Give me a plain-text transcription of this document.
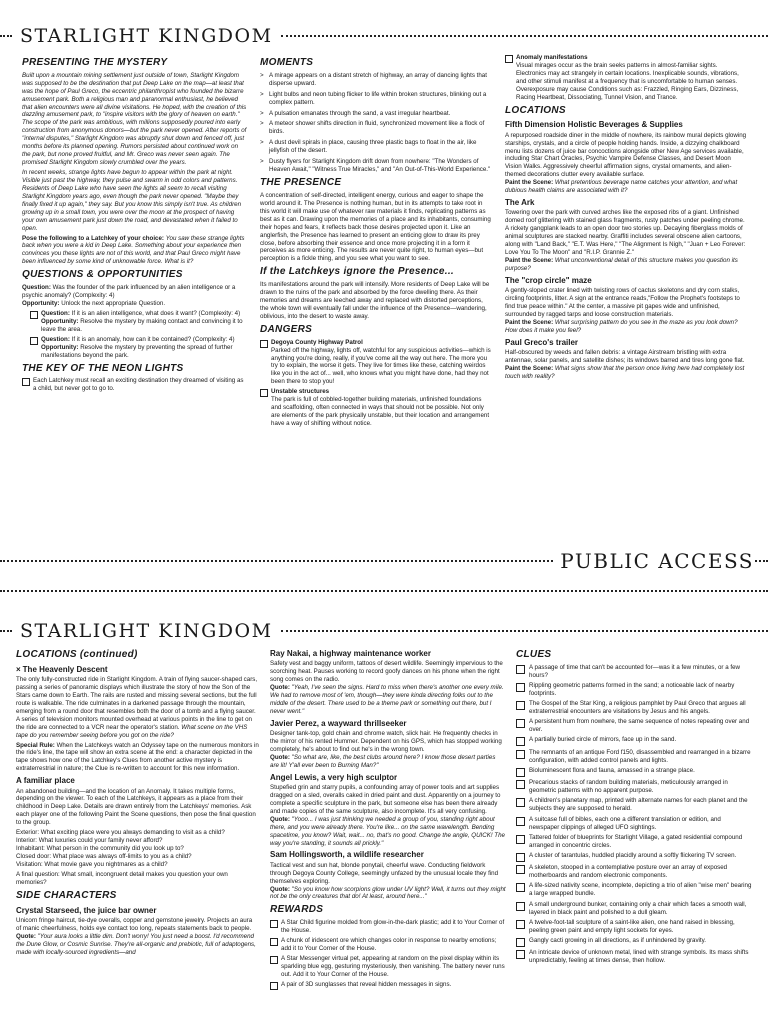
STARLIGHT KINGDOM
PRESENTING THE MYSTERY

Built upon a mountain mining settlement just outside of town, Starlight Kingdom was supposed to be the destination that put Deep Lake on the map—at least that was the hope of Paul Greco, the eccentric philanthropist who founded the bizarre amusement park. Both a religious man and paranormal enthusiast, he believed that alien encounters were all divine visitations. He hoped, with the creation of this dazzling amusement park, to "inspire visitors with the glory of heaven on earth." The scope of the park was ambitious, with millions supposedly poured into early construction from anonymous donors—but the park never opened. After reports of "internal disputes," Starlight Kingdom was abruptly shut down and fenced off, just months before its planned opening. Rumors persisted about continued work on the park, but none proved fruitful, and Mr. Greco was never seen again. The promised Starlight Kingdom slowly crumbled over the years.

In recent weeks, strange lights have begun to appear within the park at night. Visible just past the highway, they pulse and swarm in odd colors and patterns. Residents of Deep Lake who have seen the lights all seem to recall visiting Starlight Kingdom years ago, even though the park never opened. "Maybe they finally fixed it up again," they say. But you know this simply isn't true. As children growing up in a small town, you were over the moon at the prospect of having your own amusement park just down the road, and devastated when it failed to open.

Pose the following to a Latchkey of your choice: You saw these strange lights back when you were a kid in Deep Lake. Something about your experience then convinces you these lights are not of this world, and that Paul Greco might have been influenced by some kind of unknowable force. What is it?

QUESTIONS & OPPORTUNITIES

Question: Was the founder of the park influenced by an alien intelligence or a psychic anomaly? (Complexity: 4)
Opportunity: Unlock the next appropriate Question.

Question: If it is an alien intelligence, what does it want? (Complexity: 4)
Opportunity: Resolve the mystery by making contact and convincing it to leave the area.
Question: If it is an anomaly, how can it be contained? (Complexity: 4)
Opportunity: Resolve the mystery by preventing the spread of further manifestations beyond the park.
THE KEY OF THE NEON LIGHTS
Each Latchkey must recall an exciting destination they dreamed of visiting as a child, but never got to go to.
MOMENTS
> A mirage appears on a distant stretch of highway, an array of dancing lights that disperse upward.
> Light bulbs and neon tubing flicker to life within broken structures, blinking out a complex pattern.
> A pulsation emanates through the sand, a vast irregular heartbeat.
> A meteor shower shifts direction in fluid, synchronized movement like a flock of birds.
> A dust devil spirals in place, causing three plastic bags to float in the air, like jellyfish of the desert.
> Dusty flyers for Starlight Kingdom drift down from nowhere: "The Wonders of Heaven Await," "Witness True Miracles," and "An Out-of-This-World Experience."
THE PRESENCE

A concentration of self-directed, intelligent energy, curious and eager to shape the world around it. The Presence is nothing human, but in its attempts to take root in this world it will make use of whatever raw materials it finds, replicating patterns as best as it can. Drawing upon the memories of a place and its inhabitants, consuming their hopes and fears, it reflects back those desires projected upon it. Like an anglerfish, the Presence has learned to present an enticing glow to draw its prey close, before absorbing their essence and once more projecting it in a form it perceives as more enticing. The results are never quite right, to human eyes—but perception is a fickle thing, and you see what you want to see.

If the Latchkeys ignore the Presence...

Its manifestations around the park will intensify. More residents of Deep Lake will be drawn to the ruins of the park and absorbed by the force dwelling there. As their memories and dreams are leeched away and replaced with distorted perceptions, the whole town will eventually fall under the influence of the Presence—wandering, oblivious, into the desert to waste away.

DANGERS
Degoya County Highway Patrol
Parked off the highway, lights off, watchful for any suspicious activities—which is anything you're doing, really, if you've come all the way out here. The more you try to explain, the worse it gets. They live for times like these, catching weirdos like you in the act of... well, who knows what you might have done, had they not been there to stop you!
Unstable structures
The park is full of cobbled-together building materials, unfinished foundations and scaffolding, often connected in ways that should not be possible. Not only are elements of the park physically unstable, but their location and arrangement have a way of shifting without notice.
Anomaly manifestations
Visual mirages occur as the brain seeks patterns in almost-familiar sights. Electronics may act strangely in certain locations. Inexplicable sounds, vibrations, and other stimuli manifest at a frequency that is uncomfortable to human senses. Overexposure may cause Conditions such as: Frazzled, Ringing Ears, Dizziness, Racing Heartbeat, Dissociating, Tunnel Vision, and Trance.
LOCATIONS
Fifth Dimension Holistic Beverages & Supplies

A repurposed roadside diner in the middle of nowhere, its rainbow mural depicts glowing starships, crystals, and a circle of people holding hands. Inside, a dizzying chalkboard menu lists dozens of juice bar concoctions alongside other New Age services available, including Star Chart Oracles, Psychic Vampire Defense Classes, and Desert Moon Vision Walks. Aggressively cheerful affirmation signs, crystal ornaments, and alien-themed decorations clutter every available surface.
Paint the Scene: What pretentious beverage name catches your attention, and what dubious health claims are associated with it?

The Ark

Towering over the park with curved arches like the exposed ribs of a giant. Unfinished domed roof glittering with stained glass fragments, rusty patches under peeling chrome. A rickety gangplank leads to an open door two stories up. Decaying fiberglass molds of animal sculptures are stacked nearby. Graffiti includes several obscene alien cartoons, along with "Land Back," "E.T. Was Here," "The Alignment Is Nigh," "Juan + Leo Forever: Love You To The Moon" and "R.I.P. Grannie Z."
Paint the Scene: What unconventional detail of this structure makes you question its purpose?

The "crop circle" maze

A gently-sloped crater lined with twisting rows of cactus skeletons and dry corn stalks, circling footprints, litter. A sign at the entrance reads,"Follow the Prophet's footsteps to find true peace within." At the center, a massive pit gapes wide and unfinished, surrounded by ragged tarps and loose construction materials.
Paint the Scene: What surprising pattern do you see in the maze as you look down? How does it make you feel?

Paul Greco's trailer

Half-obscured by weeds and fallen debris: a vintage Airstream bristling with extra antennae, solar panels, and satellite dishes; its windows barred and tires long gone flat.
Paint the Scene: What signs show that the person once living here had completely lost touch with reality?

PUBLIC ACCESS
STARLIGHT KINGDOM
LOCATIONS (continued)
× The Heavenly Descent

The only fully-constructed ride in Starlight Kingdom. A train of flying saucer-shaped cars, passing a series of panoramic displays which illustrate the story of how the Son of the Stars came down to Earth. The rails are rusted and missing several sections, but the full route is walkable. The ride culminates in a darkened passage through the mountain, emerging from a round door that resembles both the door of a tomb and a flying saucer. A series of television monitors mounted overhead at various points in the line to get on the ride are connected to a VCR near the operator's station. What scene on the VHS tape do you remember seeing before you got on the ride?

Special Rule: When the Latchkeys watch an Odyssey tape on the numerous monitors in the ride's line, the tape will show an extra scene at the end: a character depicted in the tape shows how one of the Latchkey's Clues from another active mystery is extraterrestrial in nature; the Clue is re-written to account for this new information.

A familiar place

An abandoned building—and the location of an Anomaly. It takes multiple forms, depending on the viewer. To each of the Latchkeys, it appears as a place from their childhood in Deep Lake. Details are drawn entirely from the Latchkeys' memories. Ask each player one of the following Paint the Scene questions, then pose the final question to the group.

Exterior: What exciting place were you always demanding to visit as a child?
Interior: What luxuries could your family never afford?
Inhabitant: What person in the community did you look up to?
Closed door: What place was always off-limits to you as a child?
Visitation: What movie gave you nightmares as a child?

A final question: What small, incongruent detail makes you question your own memories?

SIDE CHARACTERS
Crystal Starseed, the juice bar owner

Unicorn fringe haircut, tie-dye overalls, copper and gemstone jewelry. Projects an aura of manic cheerfulness, holds eye contact too long, repeats statements back to people.
Quote: "Your aura looks a little dim. Don't worry! You just need a boost. I'd recommend the Dune Glow, or Cosmic Sunrise. They're all-organic and prebiotic, full of adaptogens, made with locally-sourced ingredients—and

Ray Nakai, a highway maintenance worker

Safety vest and baggy uniform, tattoos of desert wildlife. Seemingly impervious to the scorching heat. Pauses working to record goofy dances on his phone when the right song comes on the radio.
Quote: "Yeah, I've seen the signs. Hard to miss when there's another one every mile. We had to remove most of 'em, though—they were kinda directing folks out to the middle of the desert. There used to be a theme park or something out there, but I never went."

Javier Perez, a wayward thrillseeker

Designer tank-top, gold chain and chrome watch, slick hair. He frequently checks in the mirror of his rented Hummer. Dependent on his GPS, which has stopped working completely, he's about to find out he's in the wrong town.
Quote: "So what are, like, the best clubs around here? I know those desert parties are lit! Y'all ever been to Burning Man?"

Angel Lewis, a very high sculptor

Stupefied grin and starry pupils, a confounding array of power tools and art supplies dragged on a sled, overalls caked in dried paint and dust. Apparently on a journey to complete a specific sculpture in the park, but someone else has been there already and made copies of the same sculpture, also incomplete. It's all very confusing.
Quote: "Yooo... I was just thinking we needed a group of you, standing right about there, and you were already there. You're like... on the same wavelength. Bending spacetime, you know? Wait, wait... no, that's no good. Change the angle, QUICK! The way you're standing, it sounds all prickly."

Sam Hollingsworth, a wildlife researcher

Tactical vest and sun hat, blonde ponytail, cheerful wave. Conducting fieldwork through Degoya County College, seemingly unfazed by the unusual locale they find themselves exploring.
Quote: "So you know how scorpions glow under UV light? Well, it turns out they might not be the only creatures that do! At least, around here..."

REWARDS
A Star Child figurine molded from glow-in-the-dark plastic; add it to Your Corner of the House.
A chunk of iridescent ore which changes color in response to nearby emotions; add it to Your Corner of the House.
A Star Messenger virtual pet, appearing at random on the pixel display within its sparkling blue egg, gesturing mysteriously, then vanishing. The battery never runs out. Add it to Your Corner of the House.
A pair of 3D sunglasses that reveal hidden messages in signs.
CLUES
A passage of time that can't be accounted for—was it a few minutes, or a few hours?
Rippling geometric patterns formed in the sand; a noticeable lack of nearby footprints.
The Gospel of the Star King, a religious pamphlet by Paul Greco that argues all extraterrestrial encounters are visitations by Jesus and his angels.
A persistent hum from nowhere, the same sequence of notes repeating over and over.
A partially buried circle of mirrors, face up in the sand.
The remnants of an antique Ford f150, disassembled and rearranged in a bizarre configuration, with added control panels and lights.
Bioluminescent flora and fauna, amassed in a strange place.
Precarious stacks of random building materials, meticulously arranged in geometric patterns with no apparent purpose.
A children's planetary map, printed with alternate names for each planet and the subjects they are supposed to herald.
A suitcase full of bibles, each one a different translation or edition, and newspaper clippings of alleged UFO sightings.
Tattered folder of blueprints for Starlight Village, a gated residential compound arranged in concentric circles.
A cluster of tarantulas, huddled placidly around a softly flickering TV screen.
A skeleton, stooped in a contemplative posture over an array of exposed motherboards and random electronic components.
A life-sized nativity scene, incomplete, depicting a trio of alien "wise men" bearing a large wrapped bundle.
A small underground bunker, containing only a chair which faces a smooth wall, layered in black paint and polished to a dull gleam.
A twelve-foot-tall sculpture of a saint-like alien, one hand raised in blessing, peeling green paint and empty light sockets for eyes.
Gangly cacti growing in all directions, as if unhindered by gravity.
An intricate device of unknown metal, lined with strange symbols. Its mass shifts unpredictably, feeling at times dense, then hollow.
